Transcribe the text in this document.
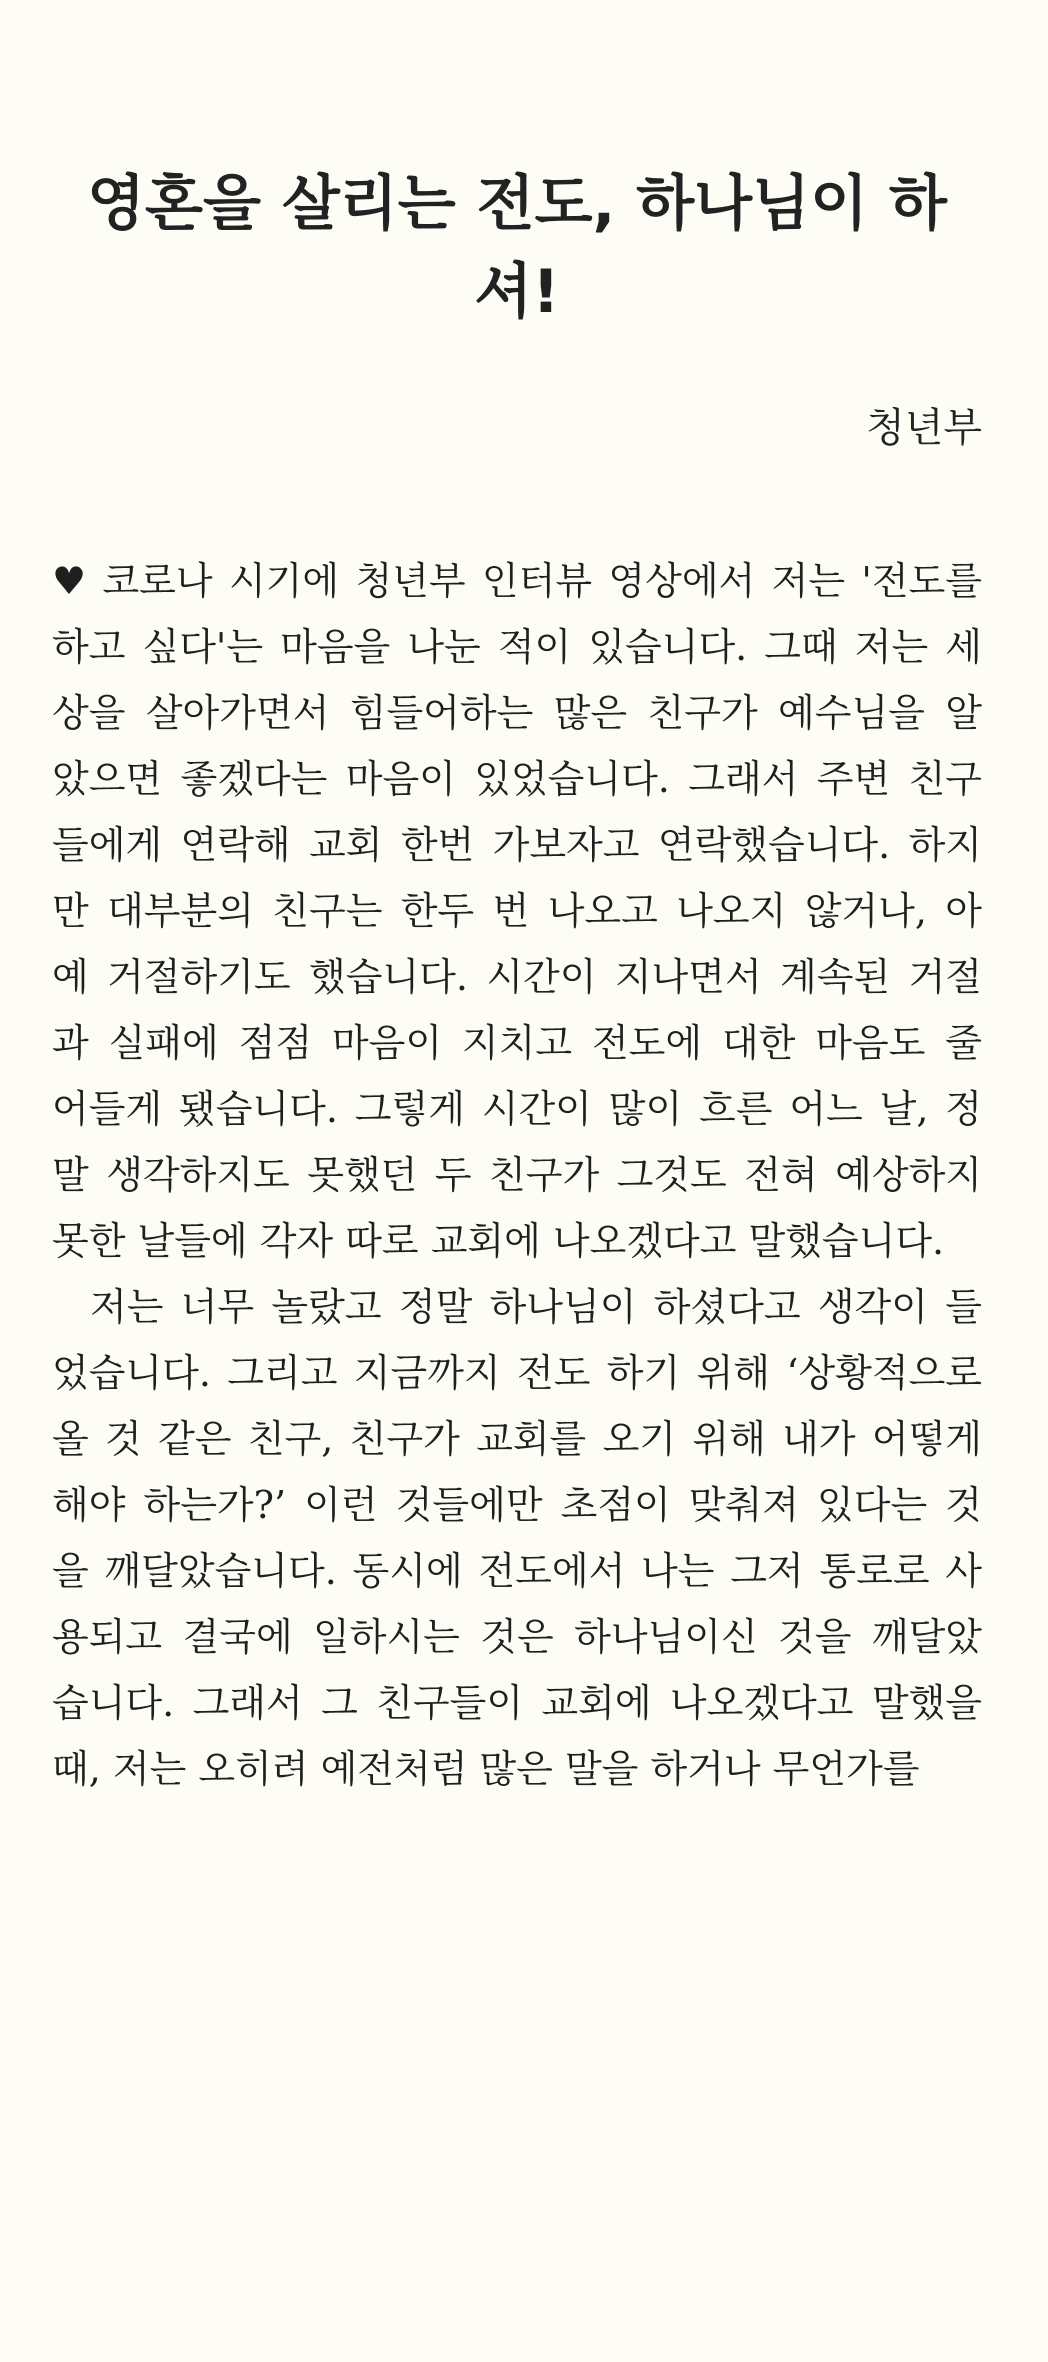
영혼을 살리는 전도, 하나님이 하셔!

청년부

♥ 코로나 시기에 청년부 인터뷰 영상에서 저는 '전도를
하고 싶다'는 마음을 나눈 적이 있습니다. 그때 저는 세
상을 살아가면서 힘들어하는 많은 친구가 예수님을 알
았으면 좋겠다는 마음이 있었습니다. 그래서 주변 친구
들에게 연락해 교회 한번 가보자고 연락했습니다. 하지
만 대부분의 친구는 한두 번 나오고 나오지 않거나, 아
예 거절하기도 했습니다. 시간이 지나면서 계속된 거절
과 실패에 점점 마음이 지치고 전도에 대한 마음도 줄
어들게 됐습니다. 그렇게 시간이 많이 흐른 어느 날, 정
말 생각하지도 못했던 두 친구가 그것도 전혀 예상하지
못한 날들에 각자 따로 교회에 나오겠다고 말했습니다.
저는 너무 놀랐고 정말 하나님이 하셨다고 생각이 들
었습니다. 그리고 지금까지 전도 하기 위해 ‘상황적으로
올 것 같은 친구, 친구가 교회를 오기 위해 내가 어떻게
해야 하는가?’ 이런 것들에만 초점이 맞춰져 있다는 것
을 깨달았습니다. 동시에 전도에서 나는 그저 통로로 사
용되고 결국에 일하시는 것은 하나님이신 것을 깨달았
습니다. 그래서 그 친구들이 교회에 나오겠다고 말했을
때, 저는 오히려 예전처럼 많은 말을 하거나 무언가를
